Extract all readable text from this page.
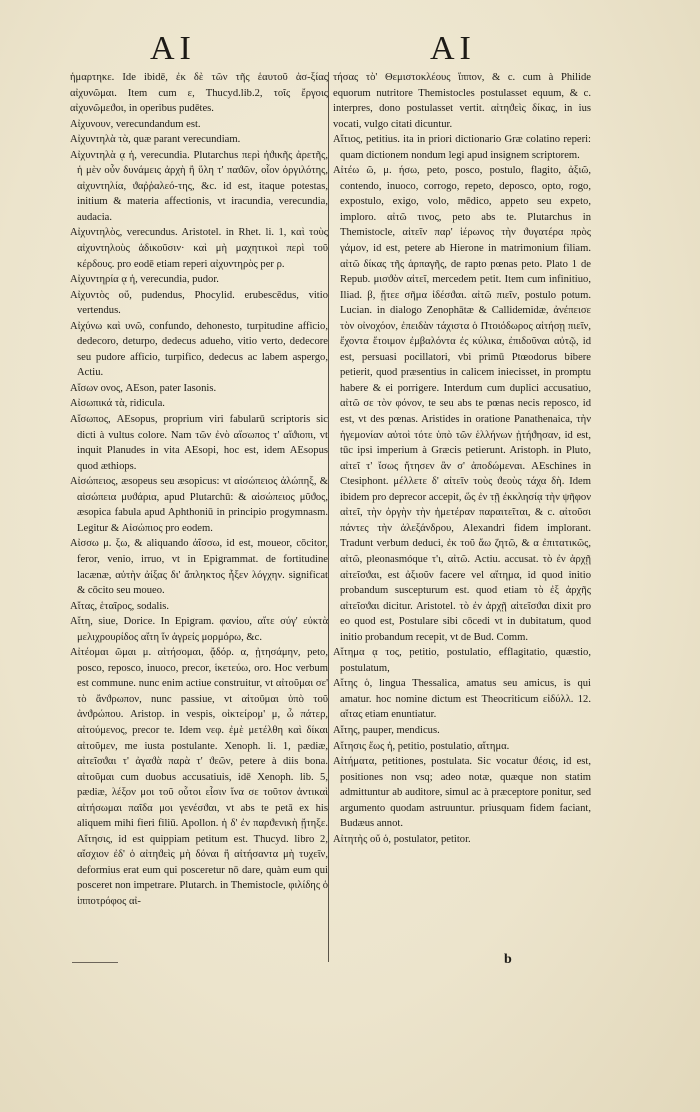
AI	AI

ἡμαρτηκε. Ide ibidē, ἐκ δὲ τῶν τῆς ἑαυτοῦ ἀσ-ξίας αἰχυνῶμαι. Item cum ε, Thucyd.lib.2, τοῖς ἔργοις αἰχυνῶμεϑοι, in operibus pudētes.

Αἰχυνουν, verecundandum est.

Αἰχυντηλὰ τὰ, quæ parant verecundiam.

Αἰχυντηλὰ ᾳ ἡ, verecundia. Plutarchus περὶ ἠϑικῆς ἀρετῆς, ἡ μὲν οὖν δυνάμεις ἀρχὴ ἢ ὕλη τ' παϑῶν, οἷον ὀργιλότης, αἰχυντηλία, ϑαῤῥαλεό-της, &c. id est, itaque potestas, initium & materia affectionis, vt iracundia, verecundia, audacia.

Αἰχυντηλὸς, verecundus. Aristotel. in Rhet. li. 1, καὶ τοὺς αἰχυντηλοὺς ἀδικοῦσιν· καὶ μὴ μαχητικοὶ περὶ τοῦ κέρδους. pro eodē etiam reperi αἰχυντηρὸς per ρ.

Αἰχυντηρία ᾳ ἡ, verecundia, pudor.

Αἰχυντὸς οὔ, pudendus, Phocylid. erubescēdus, vitio vertendus.

Αἰχύνω καὶ υνῶ, confundo, dehonesto, turpitudine afficio, dedecoro, deturpo, dedecus adueho, vitio verto, dedecore seu pudore afficio, turpifico, dedecus ac labem aspergo, Actiu.

Αἴσων ονος, AEson, pater Iasonis.

Αἰσωπικά τὰ, ridicula.

Αἴσωπος, AEsopus, proprium viri fabularū scriptoris sic dicti à vultus colore. Nam τῶν ἐνὸ αἴσωπος τ' αἴϑιοπι, vt inquit Planudes in vita AEsopi, hoc est, idem AEsopus quod æthiops.

Αἰσώπειος, æsopeus seu æsopicus: vt αἰσώπειος ἀλώπηξ, & αἰσώπεια μυϑάρια, apud Plutarchū: & αἰσώπειος μῦϑος, æsopica fabula apud Aphthoniū in principio progymnasm. Legitur & Αἰσώπιος pro eodem.

Αἰσσω μ. ξω, & aliquando ἀΐσσω, id est, moueor, cōcitor, feror, venio, irruo, vt in Epigrammat. de fortitudine lacænæ, αὐτὴν ἀίξας δι' ἄπληκτος ἧξεν λόγχην. significat & cōcito seu moueo.

Αἴτας, ἑταῖρος, sodalis.

Αἴτη, siue, Dorice. In Epigram. φανίου, αἴτε σύγ' εὐκτὰ μελιχρουρίδος αἴτη ἵν ἀγρείς μορμόρω, &c.

Αἰτέομαι ῶμαι μ. αἰτήσομαι, ᾄδόρ. α, ᾐτησάμην, peto, posco, reposco, inuoco, precor, ἱκετεύω, oro. Hoc verbum est commune. nunc enim actiue construitur, vt αἰτοῦμαι σε' τὸ ἄνϑρωπον, nunc passiue, vt αἰτοῦμαι ὑπὸ τοῦ ἀνϑρώπου. Aristop. in vespis, οἰκτείρομ' μ, ὦ πάτερ, αἰτούμενος, precor te. Idem νεφ. ἐμὲ μετέλθη καὶ δίκαι αἰτοῦμεν, me iusta postulante. Xenoph. li. 1, pædiæ, αἰτεῖσϑαι τ' ἀγαϑὰ παρὰ τ' ϑεῶν, petere à diis bona. αἰτοῦμαι cum duobus accusatiuis, idē Xenoph. lib. 5, pædiæ, λέξον μοι τοῦ οὗτοι εἶσιν ἵνα σε τοῦτον ἀντικαὶ αἰτήσωμαι παῖδα μοι γενέσϑαι, vt abs te petā ex his aliquem mihi fieri filiū. Apollon. ἡ δ' ἐν παρϑενικὴ ᾔτηξε. Αἴτησις, id est quippiam petitum est. Thucyd. libro 2, αἴσχιον ἐδ' ὁ αἰτηϑεὶς μὴ δόναι ἢ αἰτήσαντα μὴ τυχεῖν, deformius erat eum qui posceretur nō darе, quàm eum qui posceret non impetrare. Plutarch. in Themistocle, φιλίδης ὁ ἱπποτρόφος αἰ-

τήσας τὸ' Θεμιστοκλέους ἵππον, & c. cum à Philide equorum nutritore Themistocles postulasset equum, & c. interpres, dono postulasset vertit. αἰτηϑεὶς δίκας, in ius vocati, vulgo citati dicuntur.

Αἴτιος, petitius. ita in priori dictionario Græ colatino reperi: quam dictionem nondum legi apud insignem scriptorem.

Αἰτέω ῶ, μ. ήσω, peto, posco, postulo, flagito, ἀξιῶ, contendo, inuoco, corrogo, repeto, deposco, opto, rogo, expostulo, exigo, volo, mēdico, appeto seu expeto, imploro. αἰτῶ τινος, peto abs te. Plutarchus in Themistocle, αἰτεῖν παρ' ἱέρωνος τὴν ϑυγατέρα πρὸς γάμον, id est, petere ab Hierone in matrimonium filiam. αἰτῶ δίκας τῆς ἁρπαγῆς, de rapto pœnas peto. Plato 1 de Repub. μισϑὸν αἰτεῖ, mercedem petit. Item cum infinitiuo, Iliad. β, ᾔτεε σῆμα ἰδέσϑαι. αἰτῶ πιεῖν, postulo potum. Lucian. in dialogo Zenophātæ & Callidemidæ, ἀνέπεισε τὸν οἰνοχόον, ἐπειδὰν τάχιστα ὁ Πτοιόδωρος αἰτήσῃ πιεῖν, ἔχοντα ἕτοιμον ἐμβαλόντα ἐς κύλικα, ἐπιδοῦναι αὐτῷ, id est, persuasi pocillatori, vbi primū Ptœodorus bibere petierit, quod præsentius in calicem iniecisset, in promptu habere & ei porrigere. Interdum cum duplici accusatiuo, αἰτῶ σε τὸν φόνον, te seu abs te pœnas necis reposco, id est, vt des pœnas. Aristides in oratione Panathenaica, τὴν ἡγεμονίαν αὐτοὶ τότε ὑπὸ τῶν ἑλλήνων ᾐτήϑησαν, id est, tūc ipsi imperium à Græcis petierunt. Aristoph. in Pluto, αἰτεῖ τ' ἴσως ἤτησεν ἂν σ' ἀποδώμεναι. AEschines in Ctesiphont. μέλλετε δ' αἰτεῖν τοὺς ϑεοὺς τάχα δὴ. Idem ibidem pro deprecor accepit, ὥς ἐν τῇ ἐκκλησίᾳ τὴν ψῆφον αἰτεῖ, τὴν ὀργὴν τὴν ἡμετέραν παραιτεῖται, & c. αἰτοῦσι πάντες τὴν ἀλεξάνδρου, Alexandri fidem implorant. Tradunt verbum deduci, ἐκ τοῦ ἄω ζητῶ, & α ἐπιτατικῶς, αἰτῶ, pleonasmóque τ'ι, αἰτῶ. Actiu. accusat. τὸ ἐν ἀρχῇ αἰτεῖσϑαι, est ἀξιοῦν facere vel αἴτημα, id quod initio probandum suscepturum est. quod etiam τὸ ἐξ ἀρχῆς αἰτεῖσϑαι dicitur. Aristotel. τὸ ἐν ἀρχῇ αἰτεῖσϑαι dixit pro eo quod est, Postulare sibi cōcedi vt in dubitatum, quod initio probandum recepit, vt de Bud. Comm.

Αἴτημα ᾳ τος, petitio, postulatio, efflagitatio, quæstio, postulatum,

Αἴτης ὁ, lingua Thessalica, amatus seu amicus, is qui amatur. hoc nomine dictum est Theocriticum εἰδύλλ. 12. αἴτας etiam enuntiatur.

Αἴτης, pauper, mendicus.

Αἴτησις ἕως ἡ, petitio, postulatio, αἴτημα.

Αἰτήματα, petitiones, postulata. Sic vocatur ϑέσις, id est, positiones non vsq; adeo notæ, quæque non statim admittuntur ab auditore, simul ac à præceptore ponitur, sed argumento quodam astruuntur. priusquam fidem faciant, Budæus annot.

Αἰτητὴς οὔ ὁ, postulator, petitor.

b
